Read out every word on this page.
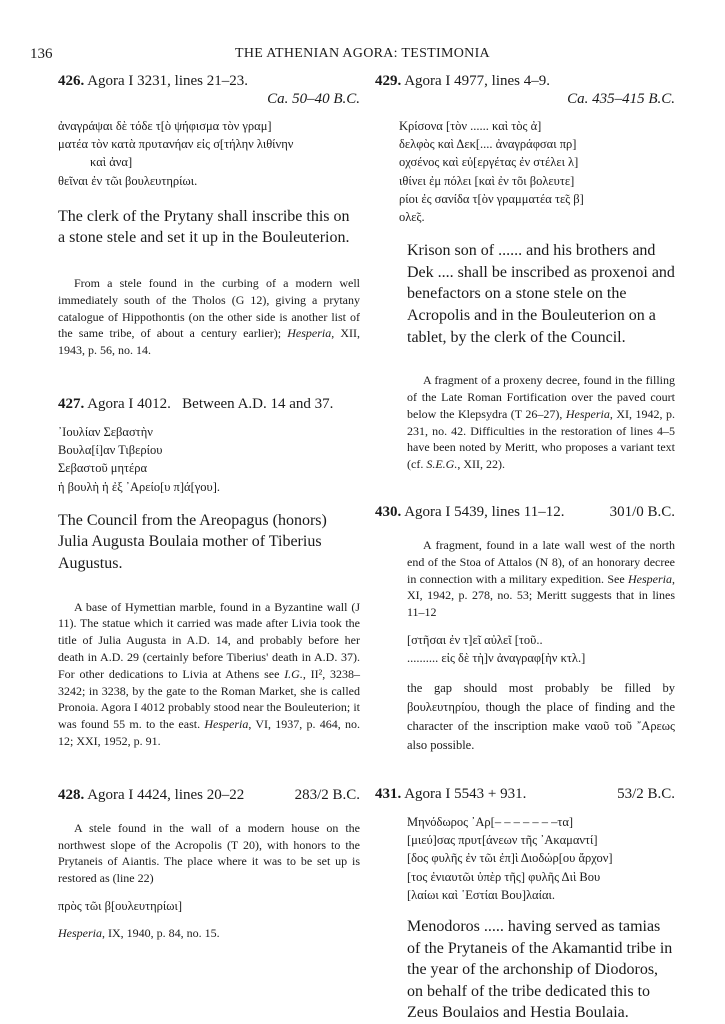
136	THE ATHENIAN AGORA: TESTIMONIA
426. Agora I 3231, lines 21–23.
Ca. 50–40 B.C.
ἀναγράψαι δὲ τόδε τ[ὸ ψήφισμα τὸν γραμ]
ματέα τὸν κατὰ πρυτανήαν εἰς σ[τήλην λιθίνην
καὶ ἀνα]
θεῖναι ἐν τῶι βουλευτηρίωι.
The clerk of the Prytany shall inscribe this on a stone stele and set it up in the Bouleuterion.

From a stele found in the curbing of a modern well immediately south of the Tholos (G 12), giving a prytany catalogue of Hippothontis (on the other side is another list of the same tribe, of about a century earlier); Hesperia, XII, 1943, p. 56, no. 14.

427. Agora I 4012.   Between A.D. 14 and 37.
᾿Ιουλίαν Σεβαστὴν
Βουλα[ί]αν Τιβερίου
Σεβαστοῦ μητέρα
ἡ βουλὴ ἡ ἐξ ᾿Αρείο[υ π]ά[γου].
The Council from the Areopagus (honors) Julia Augusta Boulaia mother of Tiberius Augustus.

A base of Hymettian marble, found in a Byzantine wall (J 11). The statue which it carried was made after Livia took the title of Julia Augusta in A.D. 14, and probably before her death in A.D. 29 (certainly before Tiberius' death in A.D. 37). For other dedications to Livia at Athens see I.G., II², 3238–3242; in 3238, by the gate to the Roman Market, she is called Pronoia. Agora I 4012 probably stood near the Bouleuterion; it was found 55 m. to the east. Hesperia, VI, 1937, p. 464, no. 12; XXI, 1952, p. 91.

428. Agora I 4424, lines 20–22	283/2 B.C.

A stele found in the wall of a modern house on the northwest slope of the Acropolis (T 20), with honors to the Prytaneis of Aiantis. The place where it was to be set up is restored as (line 22)

πρὸς τῶι β[ουλευτηρίωι]

Hesperia, IX, 1940, p. 84, no. 15.

429. Agora I 4977, lines 4–9.
Ca. 435–415 B.C.
Κρίσονα [τὸν ...... καὶ τὸς ἀ]
δελφὸς καὶ Δεκ[.... ἀναγράφσαι πρ]
οχσένος καὶ εὐ[εργέτας ἐν στέλει λ]
ιθίνει ἐμ πόλει [καὶ ἐν τõι βολευτε]
ρίοι ἐς σανίδα τ[ὸν γραμματέα τε̃ς β]
ολε̃ς.
Krison son of ...... and his brothers and Dek .... shall be inscribed as proxenoi and benefactors on a stone stele on the Acropolis and in the Bouleuterion on a tablet, by the clerk of the Council.

A fragment of a proxeny decree, found in the filling of the Late Roman Fortification over the paved court below the Klepsydra (T 26–27), Hesperia, XI, 1942, p. 231, no. 42. Difficulties in the restoration of lines 4–5 have been noted by Meritt, who proposes a variant text (cf. S.E.G., XII, 22).

430. Agora I 5439, lines 11–12.	301/0 B.C.

A fragment, found in a late wall west of the north end of the Stoa of Attalos (N 8), of an honorary decree in connection with a military expedition. See Hesperia, XI, 1942, p. 278, no. 53; Meritt suggests that in lines 11–12

[στῆσαι ἐν τ]εῖ αὐλεῖ [τοῦ..
.......... εἰς δὲ τὴ]ν ἀναγραφ[ὴν κτλ.]

the gap should most probably be filled by βουλευτηρίου, though the place of finding and the character of the inscription make ναοῦ τοῦ ῎Αρεως also possible.

431. Agora I 5543 + 931.	53/2 B.C.
Μηνόδωρος ᾿Αρ[– – – – – – –τα]
[μιεύ]σας πρυτ[άνεων τῆς ᾿Ακαμαντί]
[δος φυλῆς ἐν τῶι ἐπ]ὶ Διοδώρ[ου ἄρχον]
[τος ἐνιαυτῶι ὑπὲρ τῆς] φυλῆς Διὶ Βου
[λαίωι καὶ ῾Εστίαι Βου]λαίαι.
Menodoros ..... having served as tamias of the Prytaneis of the Akamantid tribe in the year of the archonship of Diodoros, on behalf of the tribe dedicated this to Zeus Boulaios and Hestia Boulaia.
